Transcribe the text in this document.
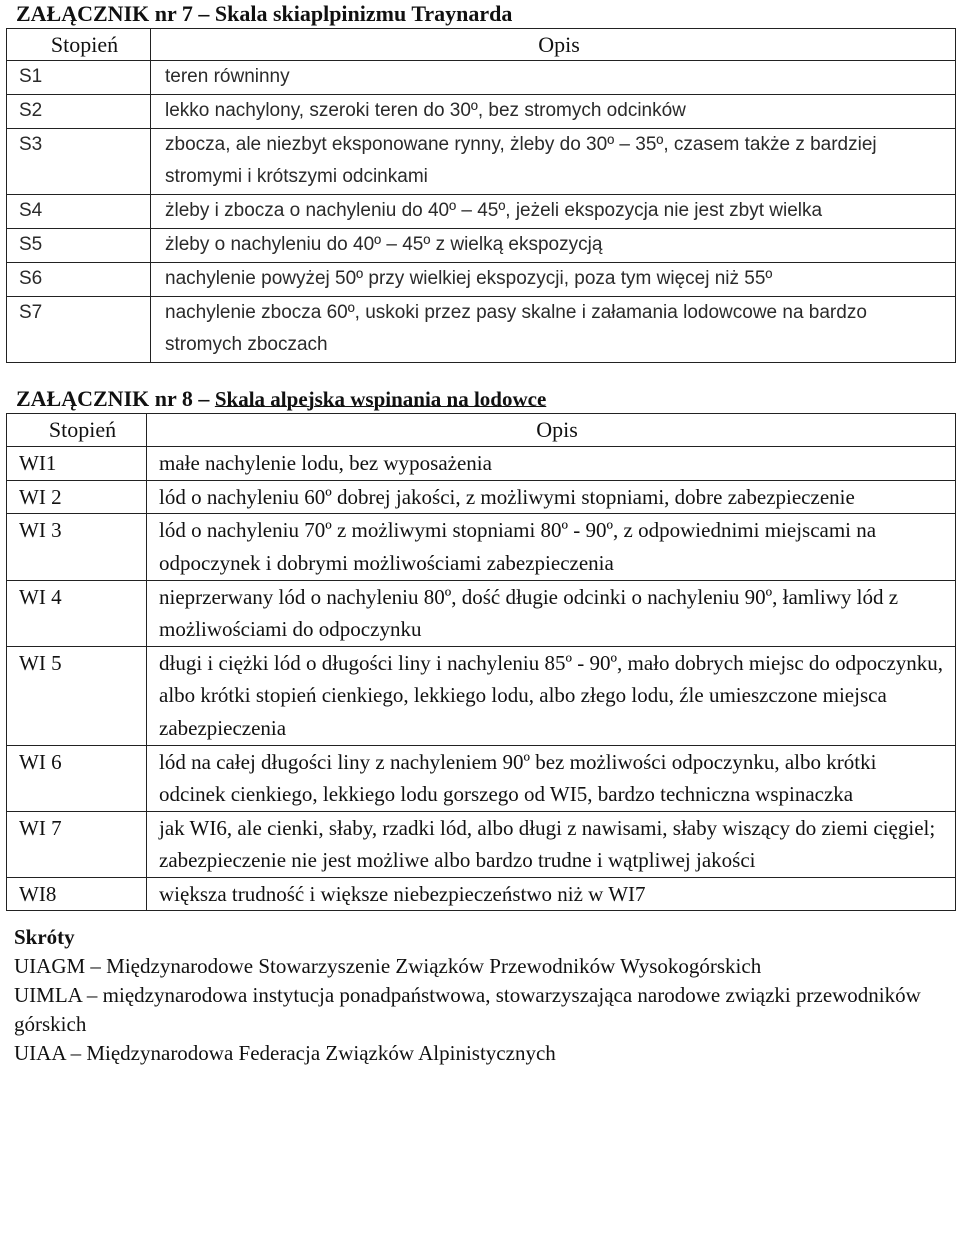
ZAŁĄCZNIK nr 7 – Skala skiaplpinizmu Traynarda
Stopień	Opis
S1	teren równinny
S2	lekko nachylony, szeroki teren do 30º, bez stromych odcinków
S3	zbocza, ale niezbyt eksponowane rynny, żleby do 30º – 35º, czasem także z bardziej stromymi i krótszymi odcinkami
S4	żleby i zbocza o nachyleniu do 40º – 45º, jeżeli ekspozycja nie jest zbyt wielka
S5	żleby o nachyleniu do 40º – 45º z wielką ekspozycją
S6	nachylenie powyżej 50º przy wielkiej ekspozycji, poza tym więcej niż 55º
S7	nachylenie zbocza 60º, uskoki przez pasy skalne i załamania lodowcowe na bardzo stromych zboczach
ZAŁĄCZNIK nr 8 – Skala alpejska wspinania na lodowce
Stopień	Opis
WI1	małe nachylenie lodu, bez wyposażenia
WI 2	lód o nachyleniu 60º dobrej jakości, z możliwymi stopniami, dobre zabezpieczenie
WI 3	lód o nachyleniu 70º z możliwymi stopniami 80º - 90º, z odpowiednimi miejscami na odpoczynek i dobrymi możliwościami zabezpieczenia
WI 4	nieprzerwany lód o nachyleniu 80º, dość długie odcinki o nachyleniu 90º, łamliwy lód z możliwościami do odpoczynku
WI 5	długi i ciężki lód o długości liny i nachyleniu 85º - 90º, mało dobrych miejsc do odpoczynku, albo krótki stopień cienkiego, lekkiego lodu, albo złego lodu, źle umieszczone miejsca zabezpieczenia
WI 6	lód na całej długości liny z nachyleniem 90º bez możliwości odpoczynku, albo krótki odcinek cienkiego, lekkiego lodu gorszego od WI5, bardzo techniczna wspinaczka
WI 7	jak WI6, ale cienki, słaby, rzadki lód, albo długi z nawisami, słaby wiszący do ziemi cięgiel; zabezpieczenie nie jest możliwe albo bardzo trudne i wątpliwej jakości
WI8	większa trudność i większe niebezpieczeństwo niż w WI7
Skróty
UIAGM – Międzynarodowe Stowarzyszenie Związków Przewodników Wysokogórskich
UIMLA – międzynarodowa instytucja ponadpaństwowa, stowarzyszająca narodowe związki przewodników górskich
UIAA – Międzynarodowa Federacja Związków Alpinistycznych
